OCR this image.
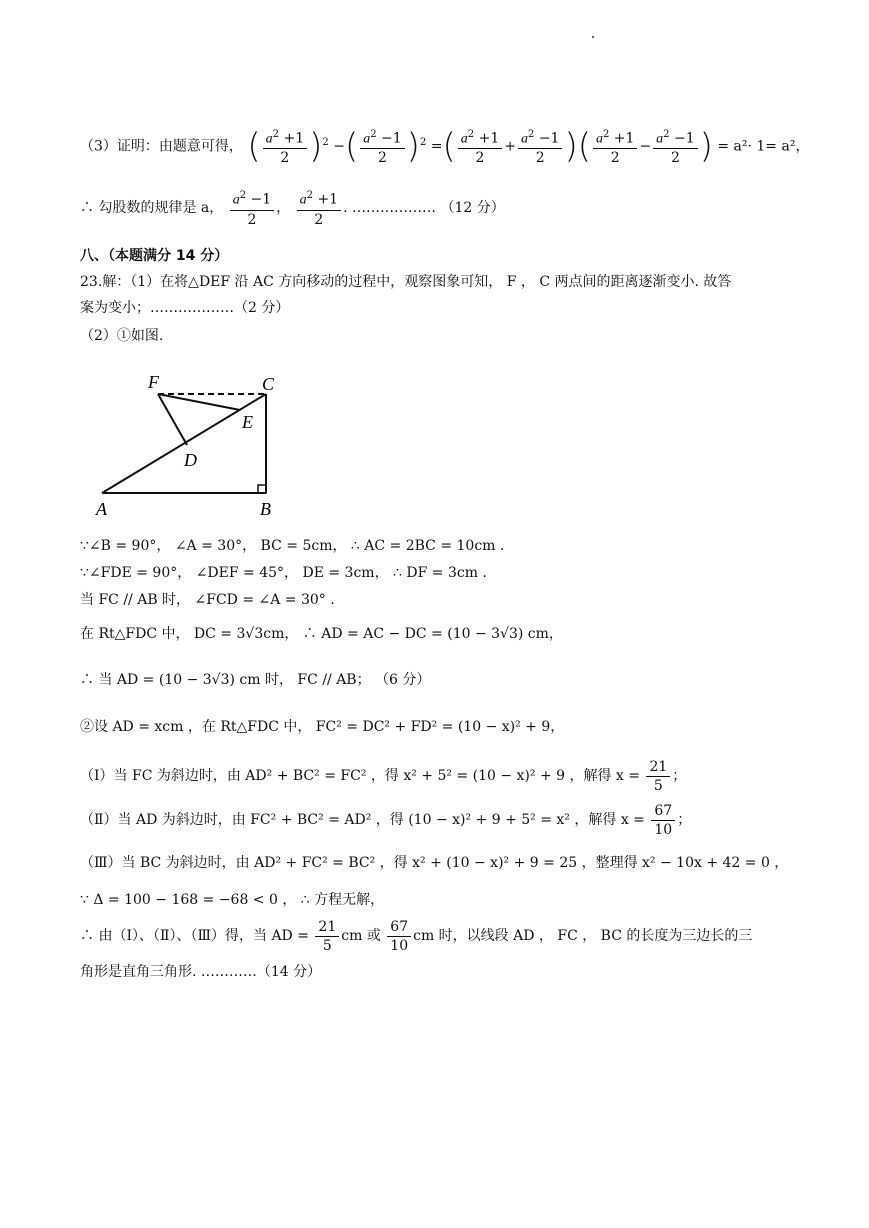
（3）证明：由题意可得， ( $\frac{a^2 +1}{2} )^2$ −( $\frac{a^2 -1}{2} )^2$ =( $\frac{a^2 +1}{2} + \frac{a^2 -1}{2}$ )( $\frac{a^2 +1}{2} - \frac{a^2 -1}{2}$ ) = a²· 1= a²，
∴ 勾股数的规律是 a， $\frac{a^2 -1}{2}$ ， $\frac{a^2 +1}{2}$ . ……………… （12 分）
八、（本题满分 14 分）
23.解：（1）在将△DEF 沿 AC 方向移动的过程中，观察图象可知， F ， C 两点间的距离逐渐变小. 故答
案为变小；………………（2 分）
（2）①如图.
F	C
E
D
A	B
∵∠B = 90°， ∠A = 30°， BC = 5cm， ∴ AC = 2BC = 10cm .
∵∠FDE = 90°， ∠DEF = 45°， DE = 3cm， ∴ DF = 3cm .
当 FC // AB 时， ∠FCD = ∠A = 30° .
在 Rt△FDC 中， DC = 3√3cm， ∴ AD = AC − DC = (10 − 3√3) cm，
∴ 当 AD = (10 − 3√3) cm 时， FC // AB； （6 分）
②设 AD = xcm ，在 Rt△FDC 中， FC² = DC² + FD² = (10 − x)² + 9，
（Ⅰ）当 FC 为斜边时，由 AD² + BC² = FC² ，得 x² + 5² = (10 − x)² + 9 ，解得 $x = \frac{21}{5}$ ；
（Ⅱ）当 AD 为斜边时，由 FC² + BC² = AD² ，得 (10 − x)² + 9 + 5² = x² ，解得 $x = \frac{67}{10}$ ；
（Ⅲ）当 BC 为斜边时，由 AD² + FC² = BC² ，得 x² + (10 − x)² + 9 = 25 ，整理得 x² − 10x + 42 = 0 ，
∵ Δ = 100 − 168 = −68 < 0 ， ∴ 方程无解，
∴ 由（Ⅰ）、（Ⅱ）、（Ⅲ）得，当 AD = $\frac{21}{5}$ cm 或 $\frac{67}{10}$ cm 时，以线段 AD ， FC ， BC 的长度为三边长的三
角形是直角三角形. …………（14 分）
